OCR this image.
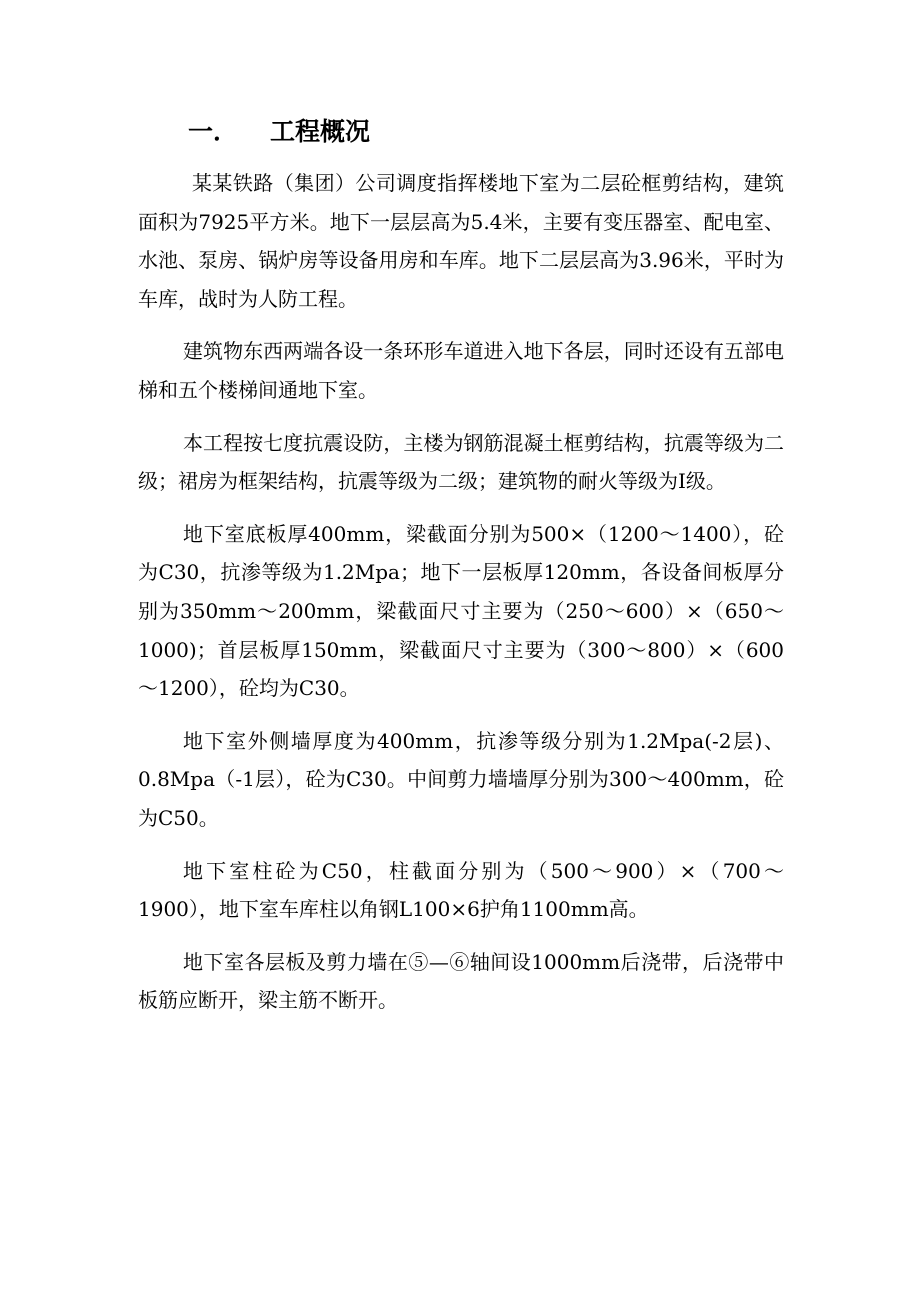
一． 工程概况

某某铁路（集团）公司调度指挥楼地下室为二层砼框剪结构，建筑面积为7925平方米。地下一层层高为5.4米，主要有变压器室、配电室、水池、泵房、锅炉房等设备用房和车库。地下二层层高为3.96米，平时为车库，战时为人防工程。

建筑物东西两端各设一条环形车道进入地下各层，同时还设有五部电梯和五个楼梯间通地下室。

本工程按七度抗震设防，主楼为钢筋混凝土框剪结构，抗震等级为二级；裙房为框架结构，抗震等级为二级；建筑物的耐火等级为Ⅰ级。

地下室底板厚400mm，梁截面分别为500×（1200～1400），砼为C30，抗渗等级为1.2Mpa；地下一层板厚120mm，各设备间板厚分别为350mm～200mm，梁截面尺寸主要为（250～600）×（650～1000)；首层板厚150mm，梁截面尺寸主要为（300～800）×（600～1200），砼均为C30。

地下室外侧墙厚度为400mm，抗渗等级分别为1.2Mpa(-2层)、0.8Mpa（-1层），砼为C30。中间剪力墙墙厚分别为300～400mm，砼为C50。

地下室柱砼为C50，柱截面分别为（500～900）×（700～1900），地下室车库柱以角钢L100×6护角1100mm高。

地下室各层板及剪力墙在⑤—⑥轴间设1000mm后浇带，后浇带中板筋应断开，梁主筋不断开。
